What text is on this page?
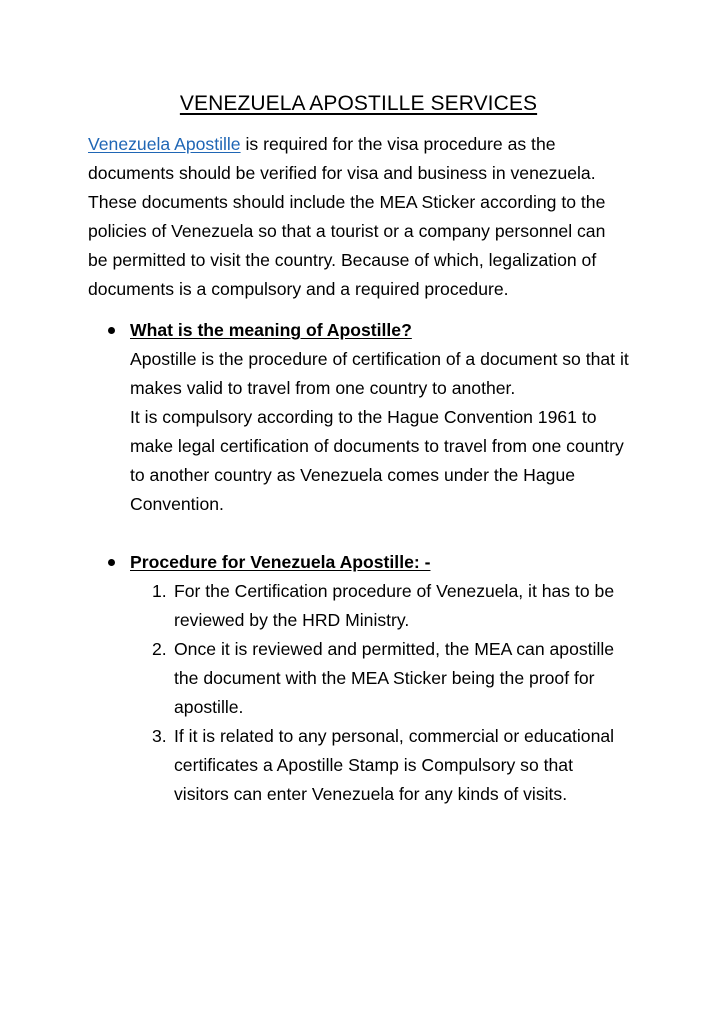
VENEZUELA APOSTILLE SERVICES

Venezuela Apostille is required for the visa procedure as the documents should be verified for visa and business in venezuela. These documents should include the MEA Sticker according to the policies of Venezuela so that a tourist or a company personnel can be permitted to visit the country. Because of which, legalization of documents is a compulsory and a required procedure.

What is the meaning of Apostille?
Apostille is the procedure of certification of a document so that it makes valid to travel from one country to another.
It is compulsory according to the Hague Convention 1961 to make legal certification of documents to travel from one country to another country as Venezuela comes under the Hague Convention.
Procedure for Venezuela Apostille: -
1. For the Certification procedure of Venezuela, it has to be reviewed by the HRD Ministry.
2. Once it is reviewed and permitted, the MEA can apostille the document with the MEA Sticker being the proof for apostille.
3. If it is related to any personal, commercial or educational certificates a Apostille Stamp is Compulsory so that visitors can enter Venezuela for any kinds of visits.
